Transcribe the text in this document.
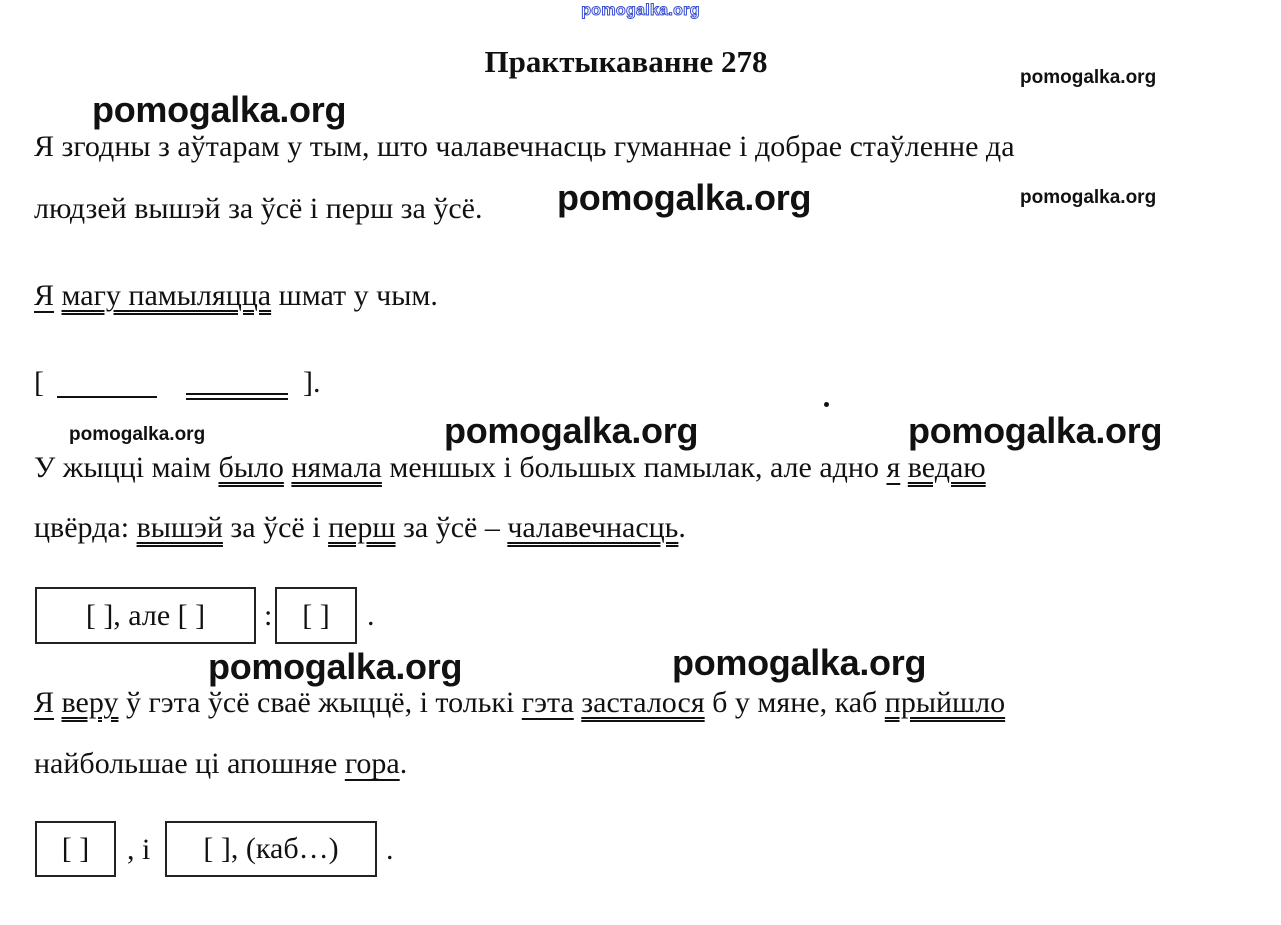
pomogalka.org
Практыкаванне 278	pomogalka.org
pomogalka.org
pomogalka.org	pomogalka.org
pomogalka.org	pomogalka.org	pomogalka.org
pomogalka.org	pomogalka.org
Я згодны з аўтарам у тым, што чалавечнасць гуманнае і добрае стаўленне да
людзей вышэй за ўсё і перш за ўсё.
Я магу памыляцца шмат у чым.
[	].
У жыцці маім было нямала меншых і большых памылак, але адно я ведаю
цвёрда: вышэй за ўсё і перш за ўсё – чалавечнасць.
[ ], але [ ]	: [ ]	.
Я веру ў гэта ўсё сваё жыццё, і толькі гэта засталося б у мяне, каб прыйшло
найбольшае ці апошняе гора.
[ ]	, і	[ ], (каб…)	.
